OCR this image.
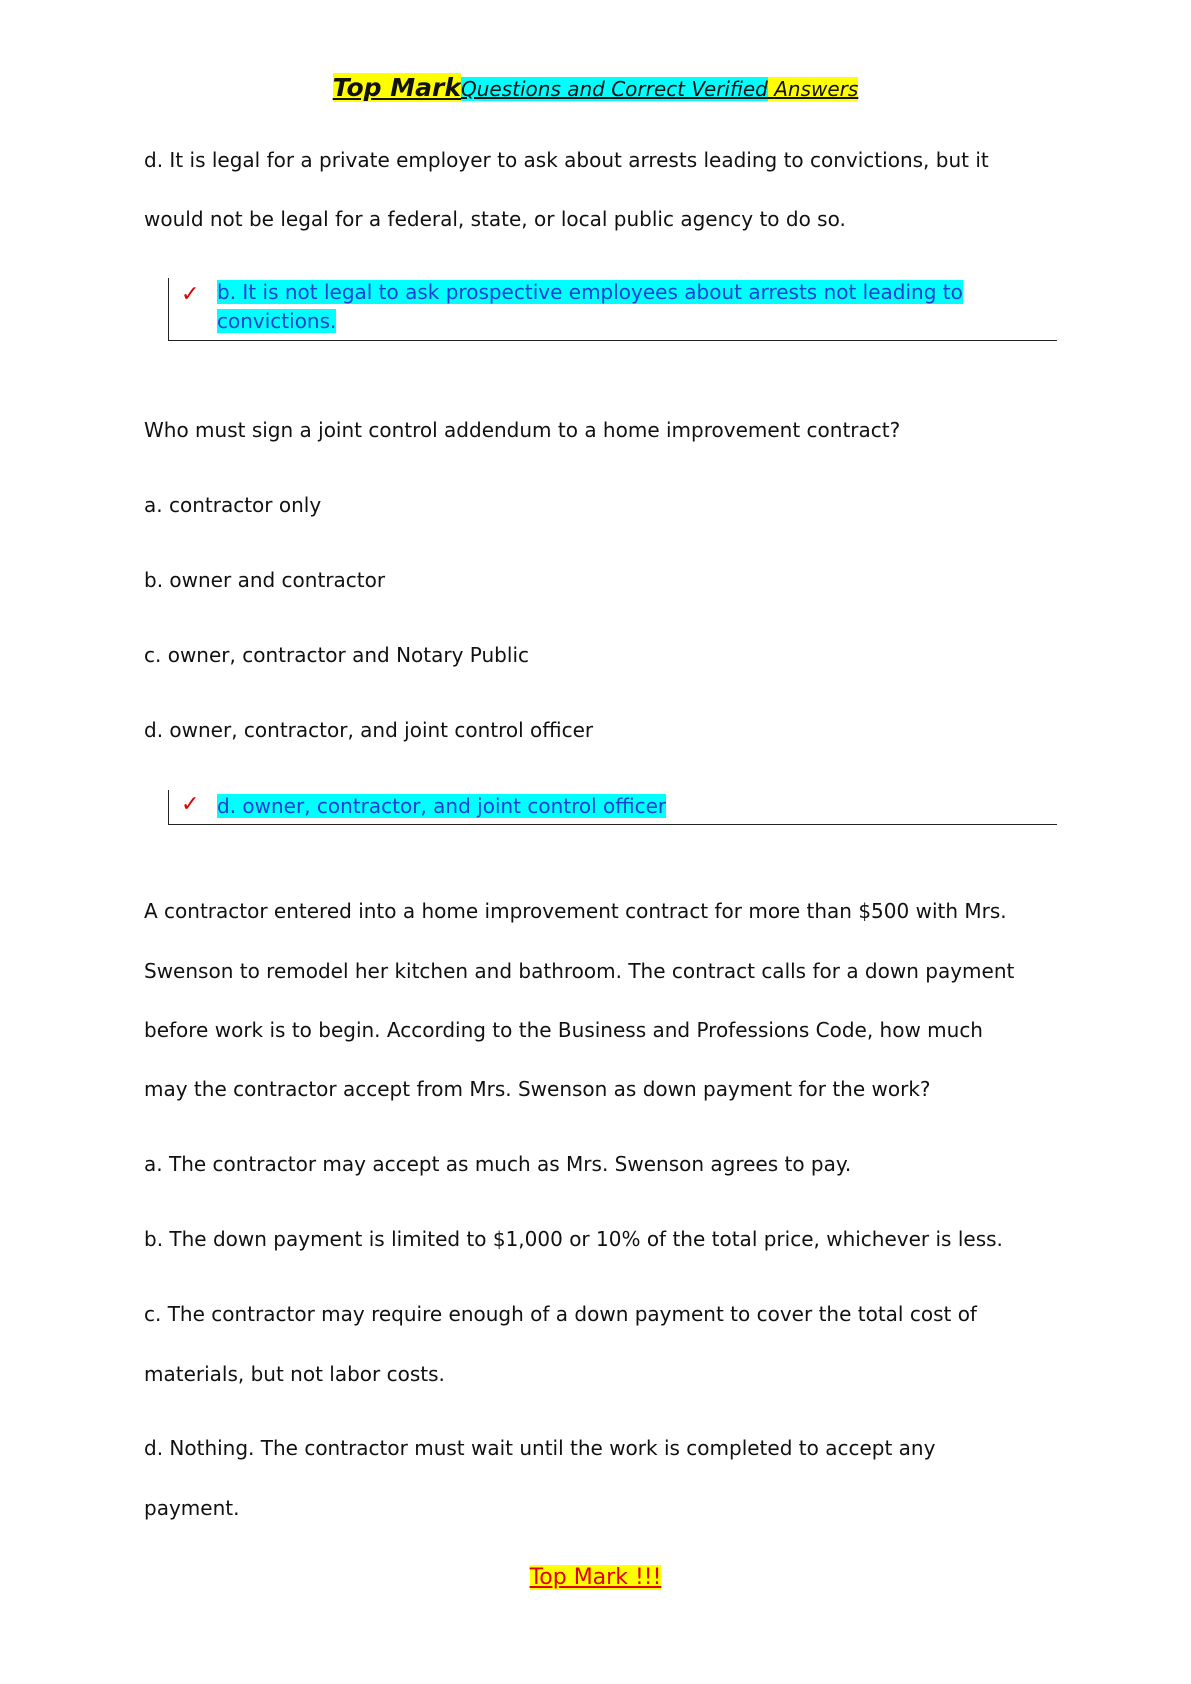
Top MarkQuestions and Correct Verified Answers
d. It is legal for a private employer to ask about arrests leading to convictions, but it
would not be legal for a federal, state, or local public agency to do so.
✓ b. It is not legal to ask prospective employees about arrests not leading to
convictions.
Who must sign a joint control addendum to a home improvement contract?
a. contractor only
b. owner and contractor
c. owner, contractor and Notary Public
d. owner, contractor, and joint control officer
✓ d. owner, contractor, and joint control officer
A contractor entered into a home improvement contract for more than $500 with Mrs.
Swenson to remodel her kitchen and bathroom. The contract calls for a down payment
before work is to begin. According to the Business and Professions Code, how much
may the contractor accept from Mrs. Swenson as down payment for the work?
a. The contractor may accept as much as Mrs. Swenson agrees to pay.
b. The down payment is limited to $1,000 or 10% of the total price, whichever is less.
c. The contractor may require enough of a down payment to cover the total cost of
materials, but not labor costs.
d. Nothing. The contractor must wait until the work is completed to accept any
payment.
Top Mark !!!
